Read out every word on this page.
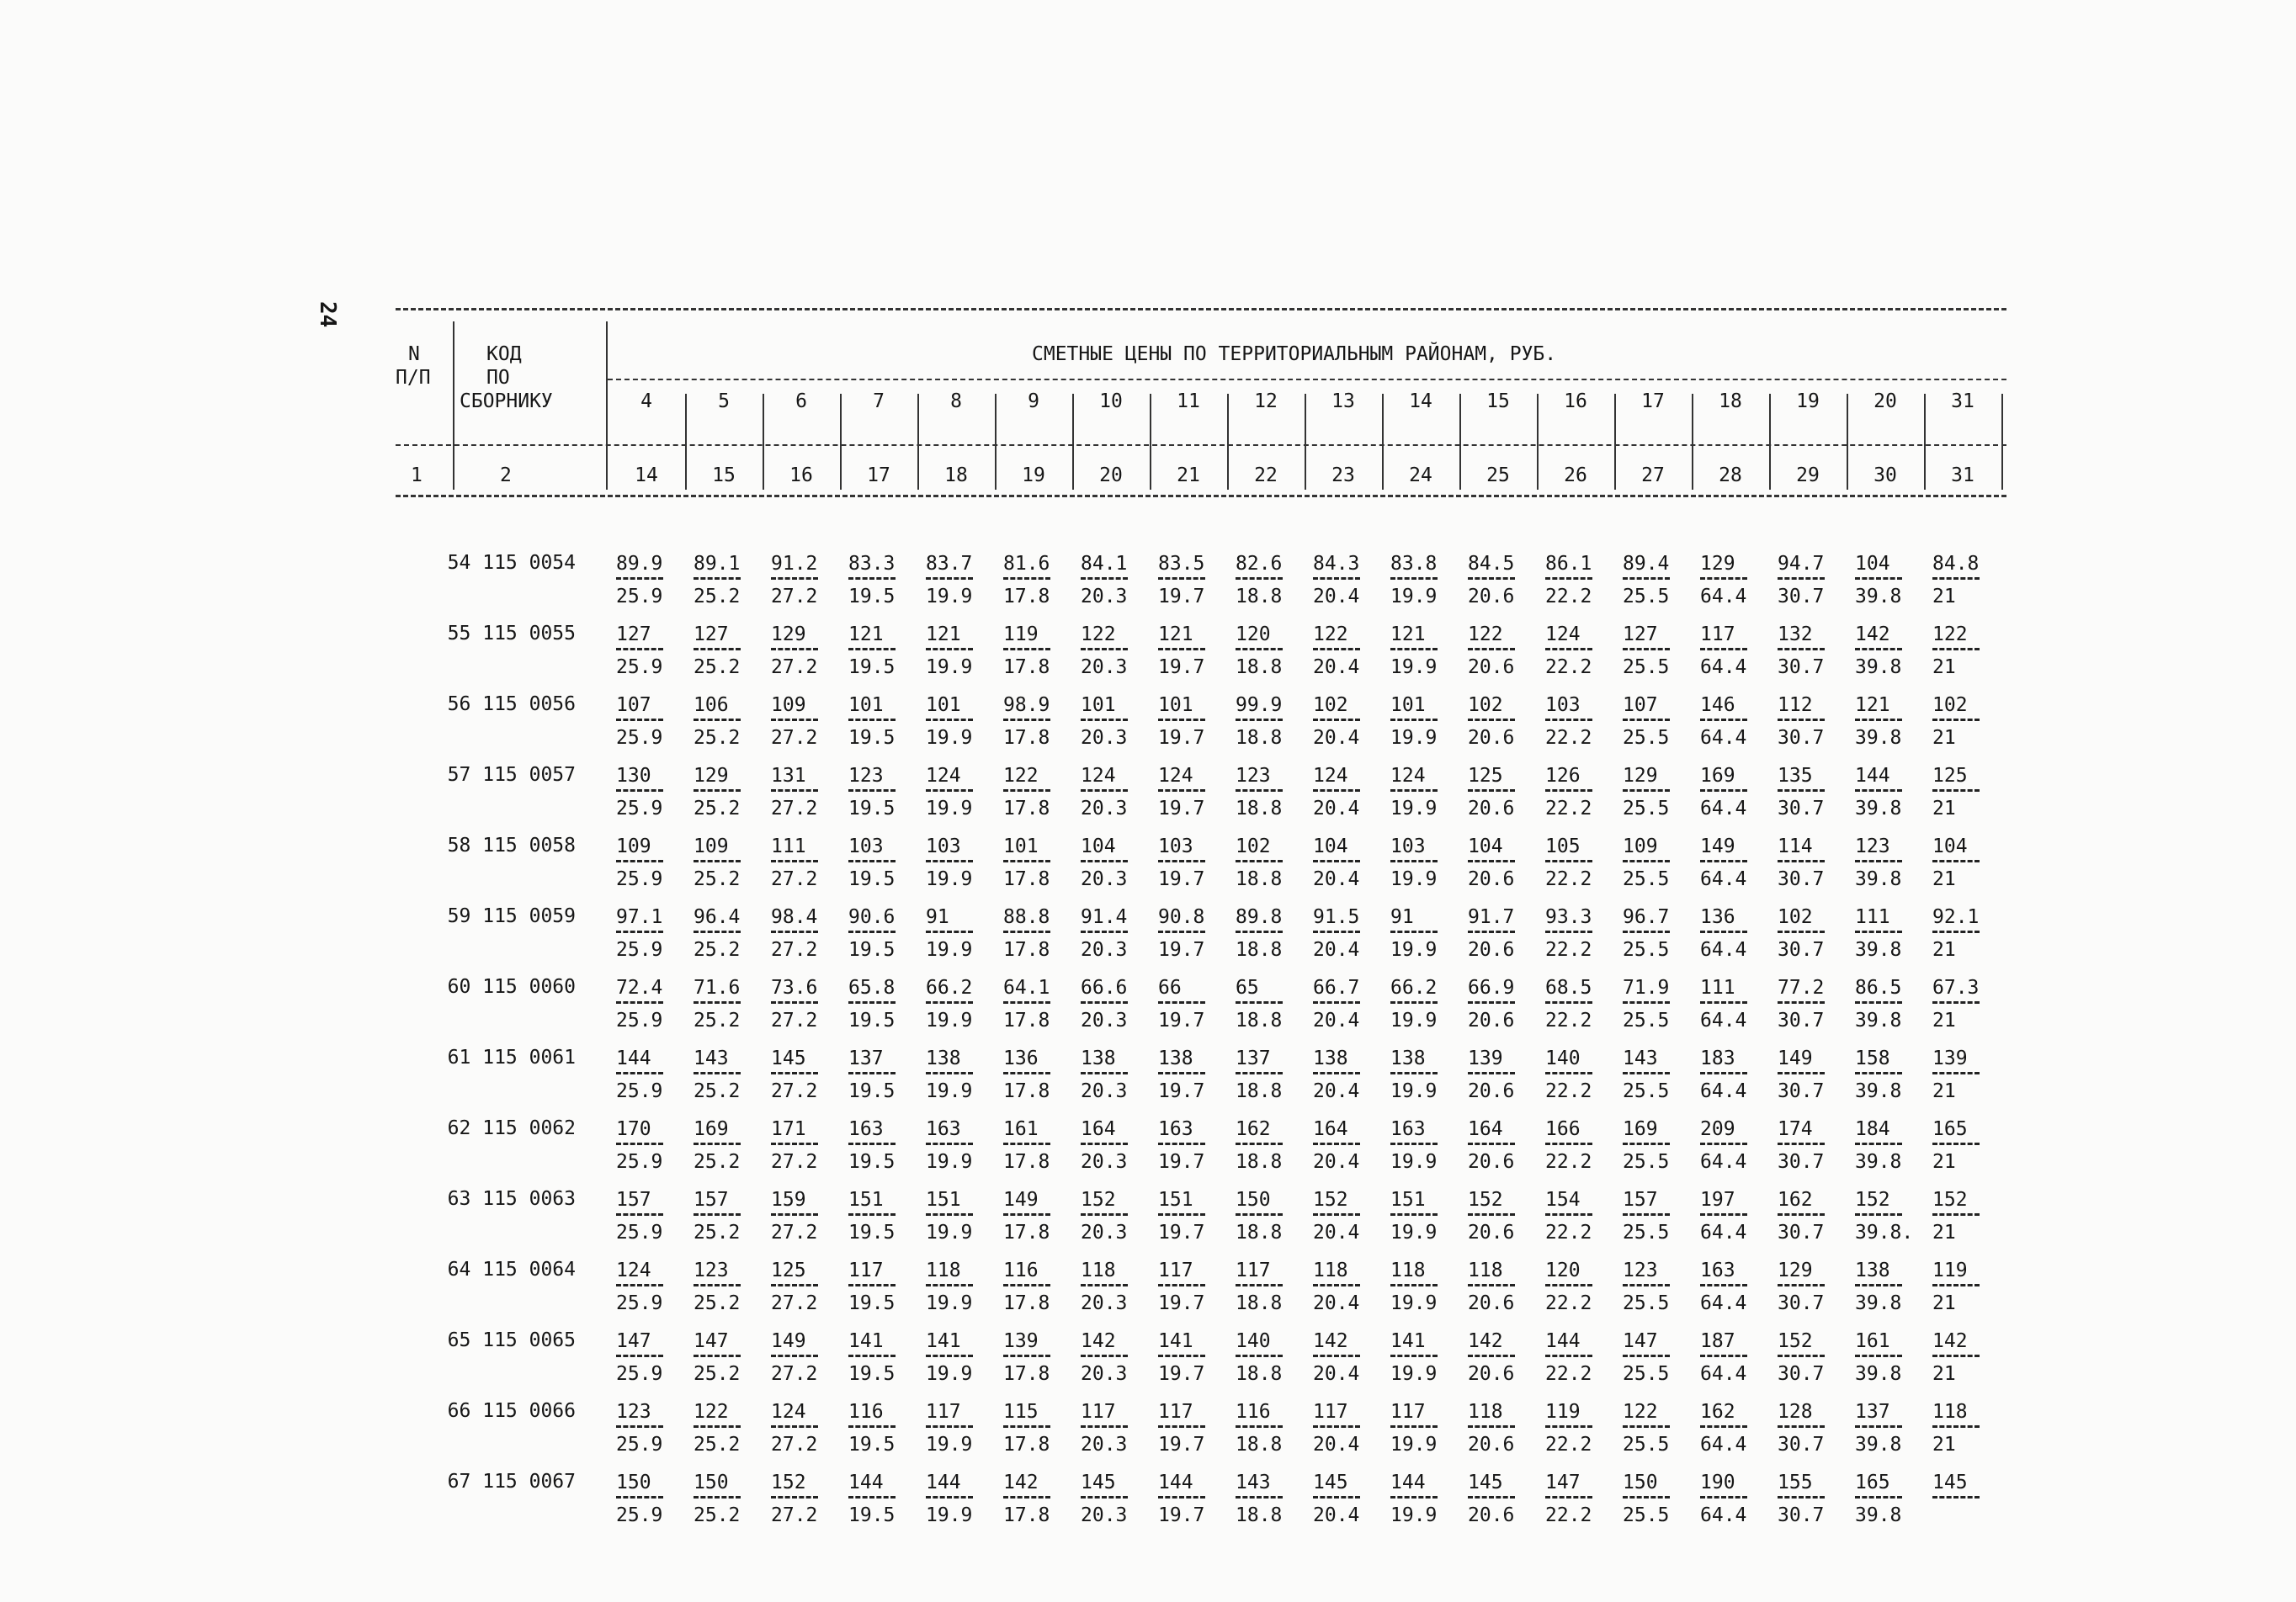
24
N
П/П
КОД
ПО
СБОРНИКУ
СМЕТНЫЕ ЦЕНЫ ПО ТЕРРИТОРИАЛЬНЫМ РАЙОНАМ, РУБ.
1	2
4
14
5
15
6
16
7
17
8
18
9
19
10
20
11
21
12
22
13
23
14
24
15
25
16
26
17
27
18
28
19
29
20
30
31
31
54 115 0054 89.9
25.9
89.1
25.2
91.2
27.2
83.3
19.5
83.7
19.9
81.6
17.8
84.1
20.3
83.5
19.7
82.6
18.8
84.3
20.4
83.8
19.9
84.5
20.6
86.1
22.2
89.4
25.5
129
64.4
94.7
30.7
104
39.8
84.8
21
55 115 0055 127
25.9
127
25.2
129
27.2
121
19.5
121
19.9
119
17.8
122
20.3
121
19.7
120
18.8
122
20.4
121
19.9
122
20.6
124
22.2
127
25.5
117
64.4
132
30.7
142
39.8
122
21
56 115 0056 107
25.9
106
25.2
109
27.2
101
19.5
101
19.9
98.9
17.8
101
20.3
101
19.7
99.9
18.8
102
20.4
101
19.9
102
20.6
103
22.2
107
25.5
146
64.4
112
30.7
121
39.8
102
21
57 115 0057 130
25.9
129
25.2
131
27.2
123
19.5
124
19.9
122
17.8
124
20.3
124
19.7
123
18.8
124
20.4
124
19.9
125
20.6
126
22.2
129
25.5
169
64.4
135
30.7
144
39.8
125
21
58 115 0058 109
25.9
109
25.2
111
27.2
103
19.5
103
19.9
101
17.8
104
20.3
103
19.7
102
18.8
104
20.4
103
19.9
104
20.6
105
22.2
109
25.5
149
64.4
114
30.7
123
39.8
104
21
59 115 0059 97.1
25.9
96.4
25.2
98.4
27.2
90.6
19.5
91
19.9
88.8
17.8
91.4
20.3
90.8
19.7
89.8
18.8
91.5
20.4
91
19.9
91.7
20.6
93.3
22.2
96.7
25.5
136
64.4
102
30.7
111
39.8
92.1
21
60 115 0060 72.4
25.9
71.6
25.2
73.6
27.2
65.8
19.5
66.2
19.9
64.1
17.8
66.6
20.3
66
19.7
65
18.8
66.7
20.4
66.2
19.9
66.9
20.6
68.5
22.2
71.9
25.5
111
64.4
77.2
30.7
86.5
39.8
67.3
21
61 115 0061 144
25.9
143
25.2
145
27.2
137
19.5
138
19.9
136
17.8
138
20.3
138
19.7
137
18.8
138
20.4
138
19.9
139
20.6
140
22.2
143
25.5
183
64.4
149
30.7
158
39.8
139
21
62 115 0062 170
25.9
169
25.2
171
27.2
163
19.5
163
19.9
161
17.8
164
20.3
163
19.7
162
18.8
164
20.4
163
19.9
164
20.6
166
22.2
169
25.5
209
64.4
174
30.7
184
39.8
165
21
63 115 0063 157
25.9
157
25.2
159
27.2
151
19.5
151
19.9
149
17.8
152
20.3
151
19.7
150
18.8
152
20.4
151
19.9
152
20.6
154
22.2
157
25.5
197
64.4
162
30.7
152
39.8.
152
21
64 115 0064 124
25.9
123
25.2
125
27.2
117
19.5
118
19.9
116
17.8
118
20.3
117
19.7
117
18.8
118
20.4
118
19.9
118
20.6
120
22.2
123
25.5
163
64.4
129
30.7
138
39.8
119
21
65 115 0065 147
25.9
147
25.2
149
27.2
141
19.5
141
19.9
139
17.8
142
20.3
141
19.7
140
18.8
142
20.4
141
19.9
142
20.6
144
22.2
147
25.5
187
64.4
152
30.7
161
39.8
142
21
66 115 0066 123
25.9
122
25.2
124
27.2
116
19.5
117
19.9
115
17.8
117
20.3
117
19.7
116
18.8
117
20.4
117
19.9
118
20.6
119
22.2
122
25.5
162
64.4
128
30.7
137
39.8
118
21
67 115 0067 150
25.9
150
25.2
152
27.2
144
19.5
144
19.9
142
17.8
145
20.3
144
19.7
143
18.8
145
20.4
144
19.9
145
20.6
147
22.2
150
25.5
190
64.4
155
30.7
165
39.8
145
